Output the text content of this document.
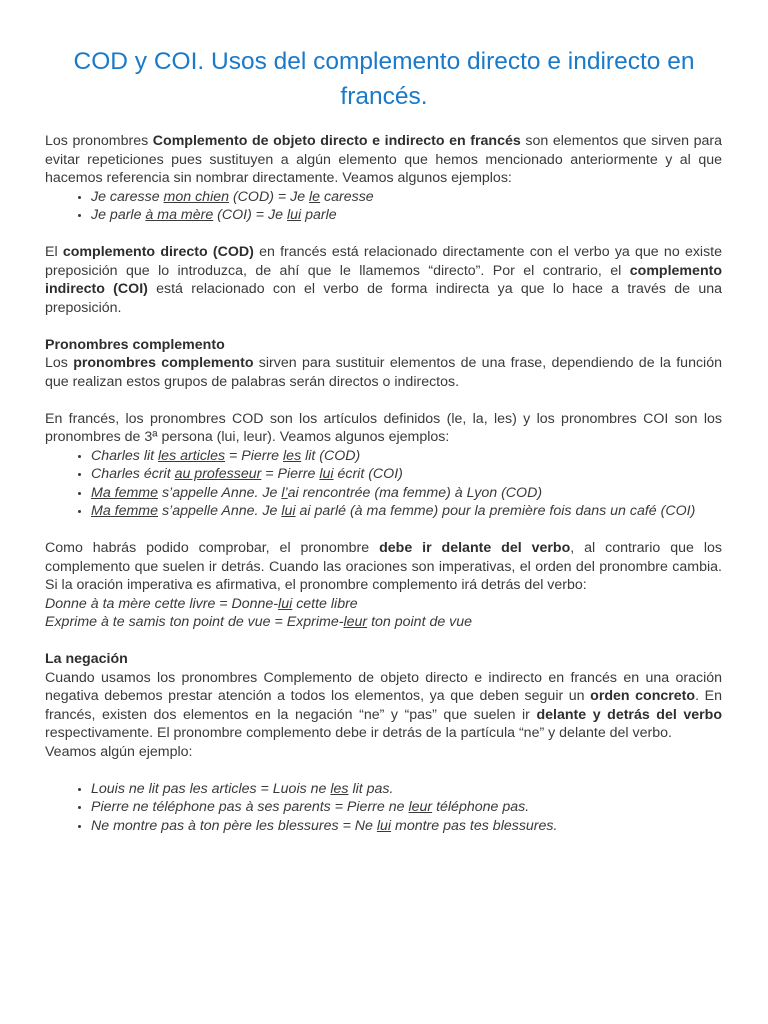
COD y COI. Usos del complemento directo e indirecto en francés.

Los pronombres Complemento de objeto directo e indirecto en francés son elementos que sirven para evitar repeticiones pues sustituyen a algún elemento que hemos mencionado anteriormente y al que hacemos referencia sin nombrar directamente. Veamos algunos ejemplos:

• Je caresse mon chien (COD) = Je le caresse
• Je parle à ma mère (COI) = Je lui parle

El complemento directo (COD) en francés está relacionado directamente con el verbo ya que no existe preposición que lo introduzca, de ahí que le llamemos “directo”. Por el contrario, el complemento indirecto (COI) está relacionado con el verbo de forma indirecta ya que lo hace a través de una preposición.

Pronombres complemento

Los pronombres complemento sirven para sustituir elementos de una frase, dependiendo de la función que realizan estos grupos de palabras serán directos o indirectos.

En francés, los pronombres COD son los artículos definidos (le, la, les) y los pronombres COI son los pronombres de 3ª persona (lui, leur). Veamos algunos ejemplos:

• Charles lit les articles = Pierre les lit (COD)
• Charles écrit au professeur = Pierre lui écrit (COI)
• Ma femme s’appelle Anne. Je l’ai rencontrée (ma femme) à Lyon (COD)
• Ma femme s’appelle Anne. Je lui ai parlé (à ma femme) pour la première fois dans un café (COI)

Como habrás podido comprobar, el pronombre debe ir delante del verbo, al contrario que los complemento que suelen ir detrás. Cuando las oraciones son imperativas, el orden del pronombre cambia. Si la oración imperativa es afirmativa, el pronombre complemento irá detrás del verbo:

Donne à ta mère cette livre = Donne-lui cette libre

Exprime à te samis ton point de vue = Exprime-leur ton point de vue

La negación

Cuando usamos los pronombres Complemento de objeto directo e indirecto en francés en una oración negativa debemos prestar atención a todos los elementos, ya que deben seguir un orden concreto. En francés, existen dos elementos en la negación “ne” y “pas” que suelen ir delante y detrás del verbo respectivamente. El pronombre complemento debe ir detrás de la partícula “ne” y delante del verbo.

Veamos algún ejemplo:

• Louis ne lit pas les articles = Luois ne les lit pas.
• Pierre ne téléphone pas à ses parents = Pierre ne leur téléphone pas.
• Ne montre pas à ton père les blessures = Ne lui montre pas tes blessures.
